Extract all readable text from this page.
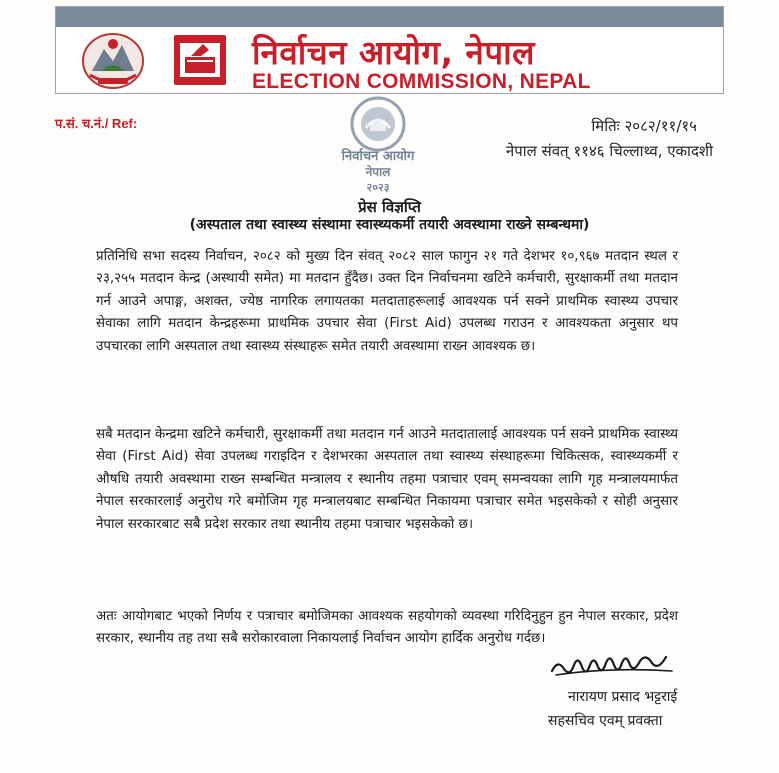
निर्वाचन आयोग, नेपाल
ELECTION COMMISSION, NEPAL
प.सं. च.नं./ Ref:	मितिः २०८२/११/१५
नेपाल संवत् ११४६ चिल्लाथ्व, एकादशी
निर्वाचन आयोग
नेपाल
२०२३
प्रेस विज्ञप्ति
(अस्पताल तथा स्वास्थ्य संस्थामा स्वास्थ्यकर्मी तयारी अवस्थामा राख्ने सम्बन्धमा)

प्रतिनिधि सभा सदस्य निर्वाचन, २०८२ को मुख्य दिन संवत् २०८२ साल फागुन २१ गते देशभर १०,९६७ मतदान स्थल र २३,२५५ मतदान केन्द्र (अस्थायी समेत) मा मतदान हुँदैछ। उक्त दिन निर्वाचनमा खटिने कर्मचारी, सुरक्षाकर्मी तथा मतदान गर्न आउने अपाङ्ग, अशक्त, ज्येष्ठ नागरिक लगायतका मतदाताहरूलाई आवश्यक पर्न सक्ने प्राथमिक स्वास्थ्य उपचार सेवाका लागि मतदान केन्द्रहरूमा प्राथमिक उपचार सेवा (First Aid) उपलब्ध गराउन र आवश्यकता अनुसार थप उपचारका लागि अस्पताल तथा स्वास्थ्य संस्थाहरू समेत तयारी अवस्थामा राख्न आवश्यक छ।

सबै मतदान केन्द्रमा खटिने कर्मचारी, सुरक्षाकर्मी तथा मतदान गर्न आउने मतदातालाई आवश्यक पर्न सक्ने प्राथमिक स्वास्थ्य सेवा (First Aid) सेवा उपलब्ध गराइदिन र देशभरका अस्पताल तथा स्वास्थ्य संस्थाहरूमा चिकित्सक, स्वास्थ्यकर्मी र औषधि तयारी अवस्थामा राख्न सम्बन्धित मन्त्रालय र स्थानीय तहमा पत्राचार एवम् समन्वयका लागि गृह मन्त्रालयमार्फत नेपाल सरकारलाई अनुरोध गरे बमोजिम गृह मन्त्रालयबाट सम्बन्धित निकायमा पत्राचार समेत भइसकेको र सोही अनुसार नेपाल सरकारबाट सबै प्रदेश सरकार तथा स्थानीय तहमा पत्राचार भइसकेको छ।

अतः आयोगबाट भएको निर्णय र पत्राचार बमोजिमका आवश्यक सहयोगको व्यवस्था गरिदिनुहुन हुन नेपाल सरकार, प्रदेश सरकार, स्थानीय तह तथा सबै सरोकारवाला निकायलाई निर्वाचन आयोग हार्दिक अनुरोध गर्दछ।

नारायण प्रसाद भट्टराई
सहसचिव एवम् प्रवक्ता
